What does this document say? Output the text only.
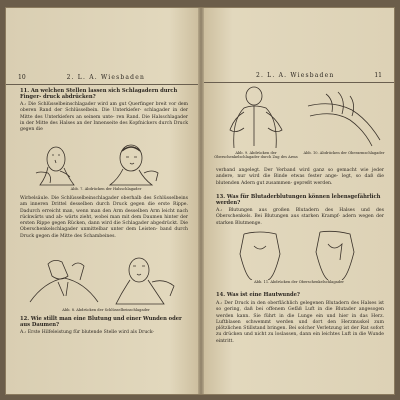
10	2. L. A. Wiesbaden
11. An welchen Stellen lassen sich Schlagadern durch Finger- druck abdrücken?
A.: Die Schlüsselbeinschlagader wird am gut Querfinger breit vor dem oberen Rand der Schlüsselbein. Die Unterkiefer- schlagader in der Mitte des Unterkiefers an seinem unte- ren Rand. Die Halsschlagader in der Mitte des Halses an der Innenseite des Kopfnickers durch Druck gegen die
Abb. 7. Abdrücken der Halsschlagader
Wirbelsäule. Die Schlüsselbeinschlagader oberhalb des Schlüsselbeins am inneren Drittel desselben durch Druck gegen die erste Rippe. Dadurch erreicht man, wenn man den Arm desselben Arm leicht nach rückwärts und ab- wärts zieht, wobei man mit dem Daumen hinter der ersten Rippe gegen Rücken, dann wird die Schlagader abgedrückt. Die Oberschenkelschlagader unmittelbar unter dem Leisten- band durch Druck gegen die Mitte des Schambeines.
Abb. 8. Abdrücken der Schlüsselbeinschlagader
12. Wie stillt man eine Blutung und einer Wunden oder aus Daumen?
A.: Erste Hilfeleistung für blutende Stelle wird als Druck-
2. L. A. Wiesbaden	11
Abb. 9. Abdrücken der Oberschenkelschlagader durch Zug des Arms
Abb. 10. Abdrücken der Oberarmschlagader
verband angelegt. Der Verband wird ganz so gemacht wie jeder andere, nur wird die Binde etwas fester ange- legt, so daß die blutenden Adern gut zusammen- gepreßt werden.
13. Was für Blutaderblutungen können lebensgefährlich werden?
A.: Blutungen aus großen Blutadern des Halses und des Oberschenkels. Bei Blutungen aus starken Krampf- adern wegen der starken Blutmenge.
Abb. 11. Abdrücken der Oberschenkelschlagader
14. Was ist eine Hautwunde?
A.: Der Druck in den oberflächlich gelegenen Blutadern des Halses ist so gering, daß bei offenem Gefäß Luft in die Blutader angesogen werden kann. Sie führt in die Lunge ein und hier in das Herz. Luftblasen schwemmt werden und dort den Herzmuskel zum plötzlichen Stillstand bringen. Bei solcher Verletzung ist der Rat sofort zu drücken und nicht zu loslassen, dann ein leichtes Luft in die Wunde eintritt.
